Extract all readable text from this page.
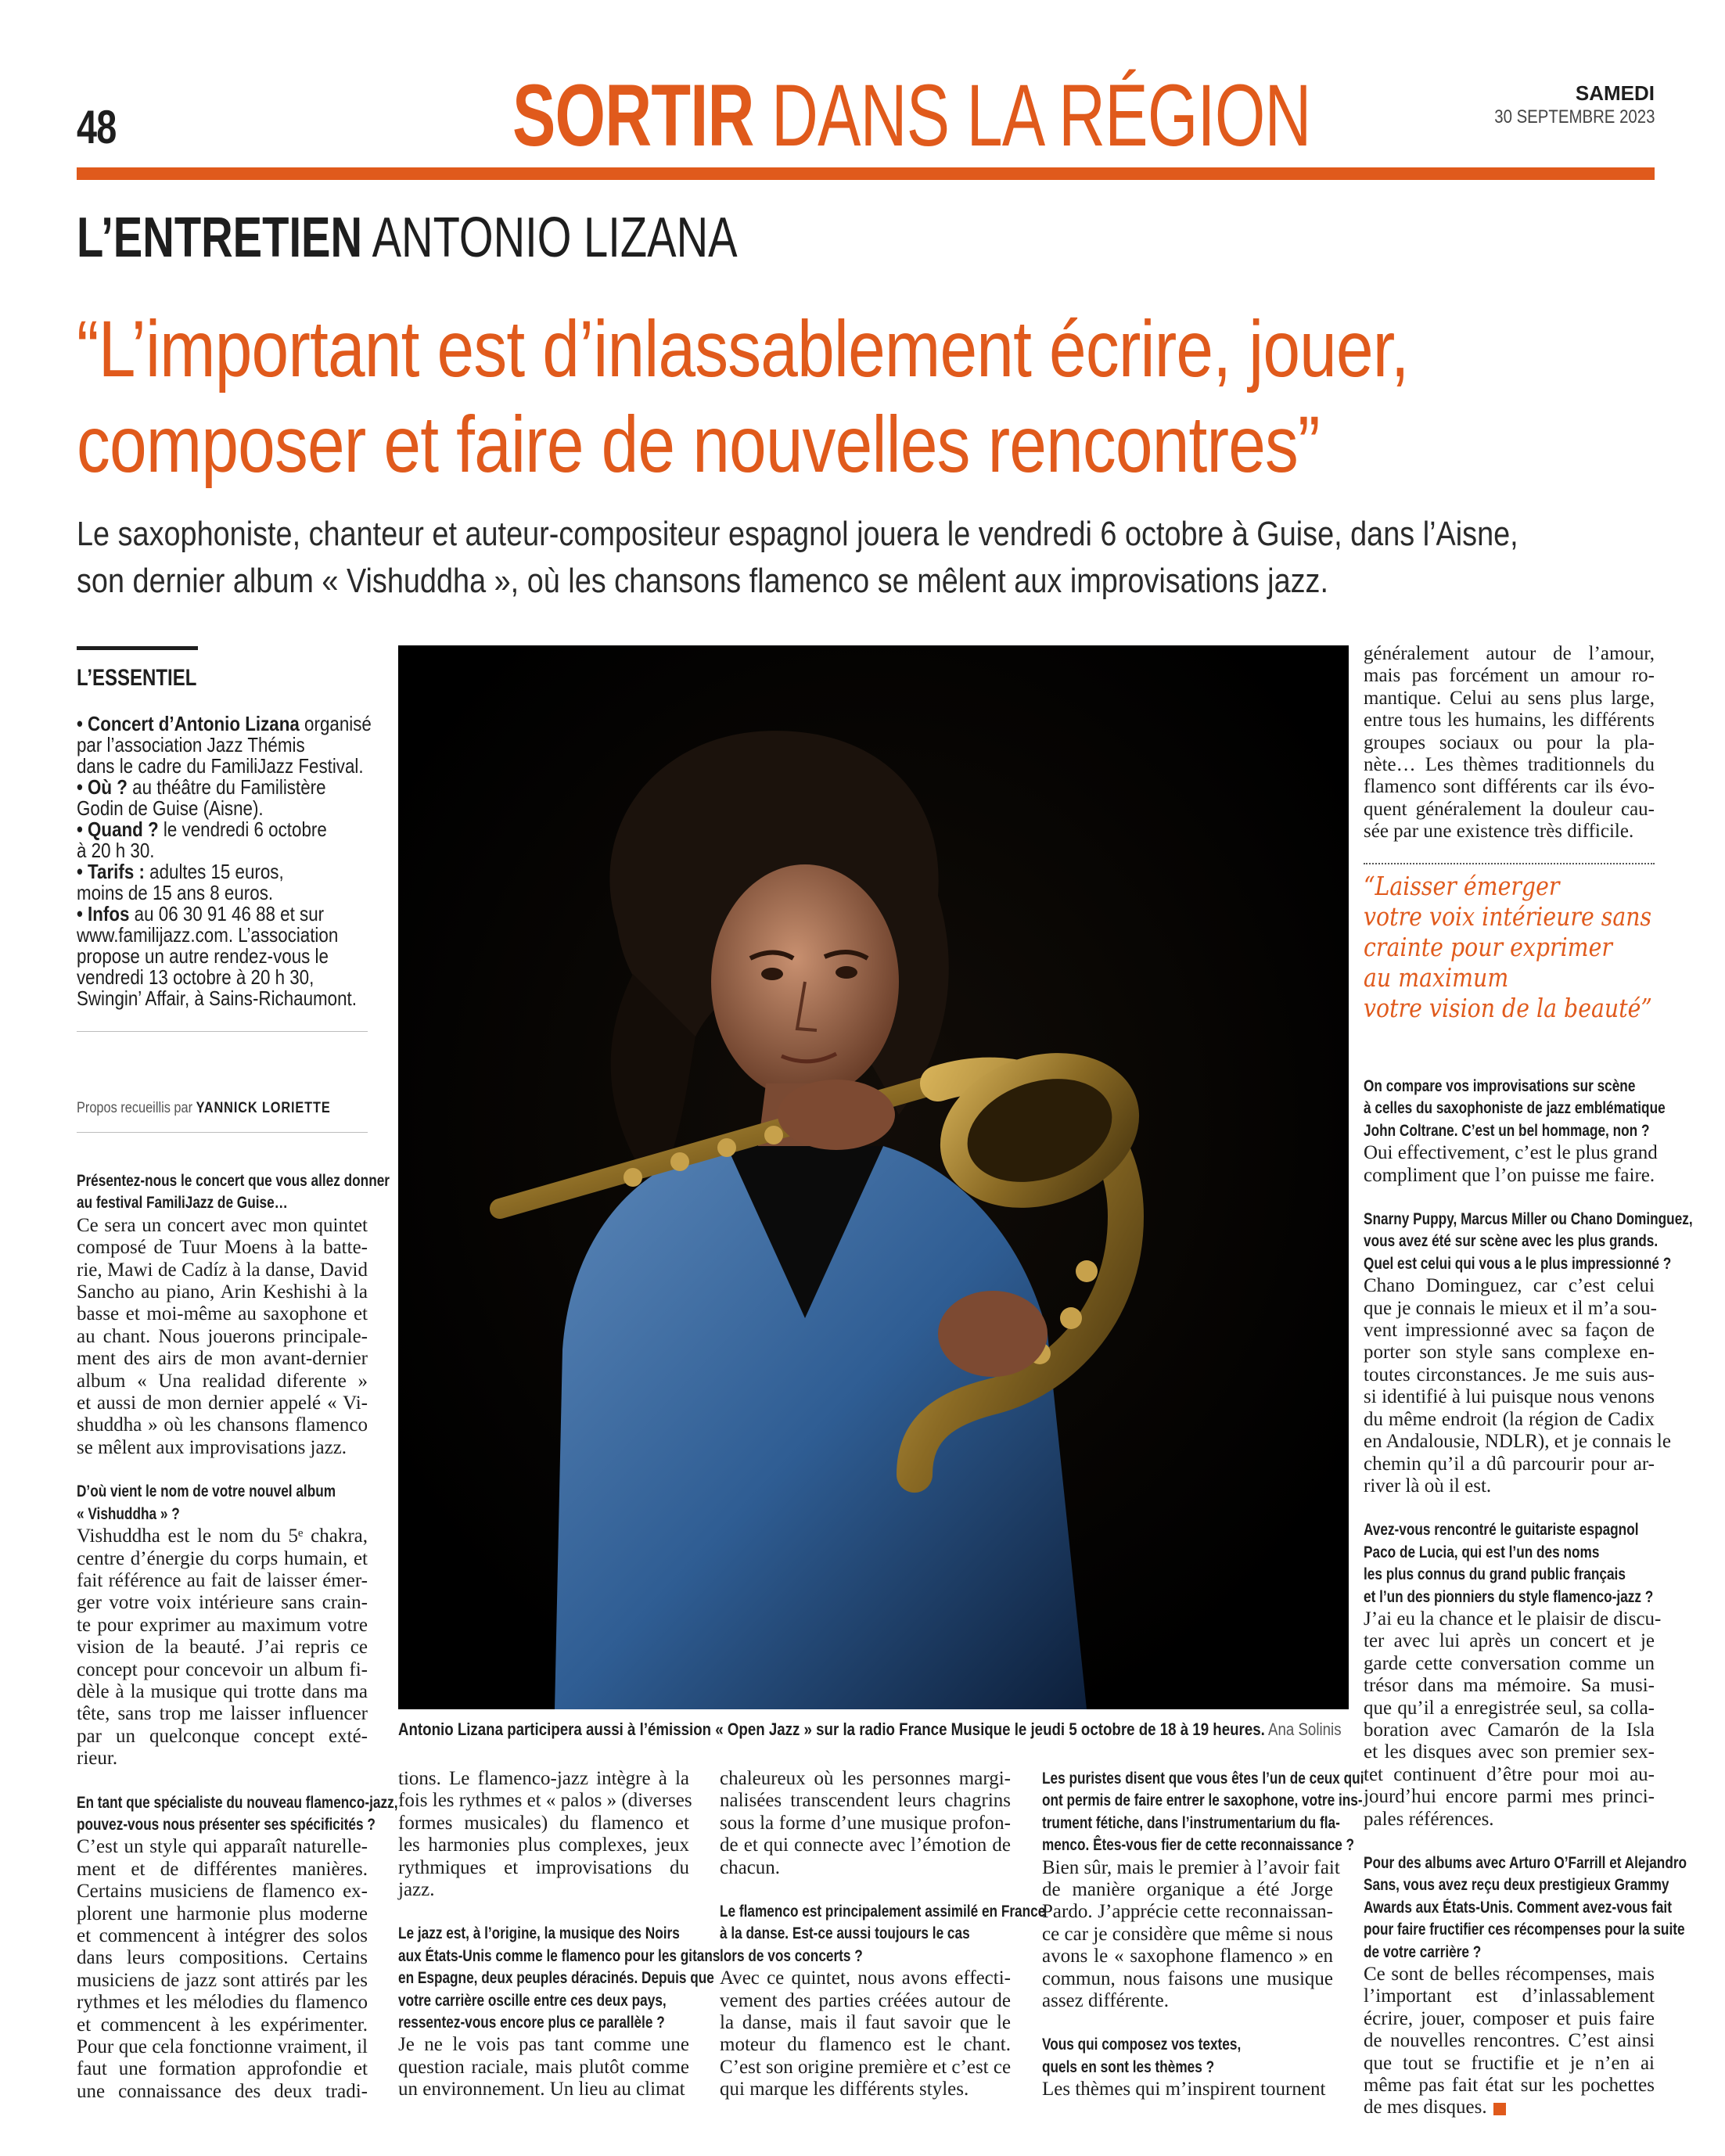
48	SORTIR DANS LA RÉGION	SAMEDI
30 SEPTEMBRE 2023
L’ENTRETIEN ANTONIO LIZANA
“L’important est d’inlassablement écrire, jouer,
composer et faire de nouvelles rencontres”
Le saxophoniste, chanteur et auteur-compositeur espagnol jouera le vendredi 6 octobre à Guise, dans l’Aisne,
son dernier album « Vishuddha », où les chansons flamenco se mêlent aux improvisations jazz.
L’ESSENTIEL
• Concert d’Antonio Lizana organisé
par l’association Jazz Thémis
dans le cadre du FamiliJazz Festival.
• Où ? au théâtre du Familistère
Godin de Guise (Aisne).
• Quand ? le vendredi 6 octobre
à 20 h 30.
• Tarifs : adultes 15 euros,
moins de 15 ans 8 euros.
• Infos au 06 30 91 46 88 et sur
www.familijazz.com. L’association
propose un autre rendez-vous le
vendredi 13 octobre à 20 h 30,
Swingin’ Affair, à Sains-Richaumont.
Propos recueillis par YANNICK LORIETTE
Présentez-nous le concert que vous allez donner
au festival FamiliJazz de Guise…
Ce sera un concert avec mon quintet
composé de Tuur Moens à la batte-
rie, Mawi de Cadíz à la danse, David
Sancho au piano, Arin Keshishi à la
basse et moi-même au saxophone et
au chant. Nous jouerons principale-
ment des airs de mon avant-dernier
album « Una realidad diferente »
et aussi de mon dernier appelé « Vi-
shuddha » où les chansons flamenco
se mêlent aux improvisations jazz.
D’où vient le nom de votre nouvel album
« Vishuddha » ?
Vishuddha est le nom du 5ᵉ chakra,
centre d’énergie du corps humain, et
fait référence au fait de laisser émer-
ger votre voix intérieure sans crain-
te pour exprimer au maximum votre
vision de la beauté. J’ai repris ce
concept pour concevoir un album fi-
dèle à la musique qui trotte dans ma
tête, sans trop me laisser influencer
par un quelconque concept exté-
rieur.
En tant que spécialiste du nouveau flamenco-jazz,
pouvez-vous nous présenter ses spécificités ?
C’est un style qui apparaît naturelle-
ment et de différentes manières.
Certains musiciens de flamenco ex-
plorent une harmonie plus moderne
et commencent à intégrer des solos
dans leurs compositions. Certains
musiciens de jazz sont attirés par les
rythmes et les mélodies du flamenco
et commencent à les expérimenter.
Pour que cela fonctionne vraiment, il
faut une formation approfondie et
une connaissance des deux tradi-
tions. Le flamenco-jazz intègre à la
fois les rythmes et « palos » (diverses
formes musicales) du flamenco et
les harmonies plus complexes, jeux
rythmiques et improvisations du
jazz.
Le jazz est, à l’origine, la musique des Noirs
aux États-Unis comme le flamenco pour les gitans
en Espagne, deux peuples déracinés. Depuis que
votre carrière oscille entre ces deux pays,
ressentez-vous encore plus ce parallèle ?
Je ne le vois pas tant comme une
question raciale, mais plutôt comme
un environnement. Un lieu au climat
chaleureux où les personnes margi-
nalisées transcendent leurs chagrins
sous la forme d’une musique profon-
de et qui connecte avec l’émotion de
chacun.
Le flamenco est principalement assimilé en France
à la danse. Est-ce aussi toujours le cas
lors de vos concerts ?
Avec ce quintet, nous avons effecti-
vement des parties créées autour de
la danse, mais il faut savoir que le
moteur du flamenco est le chant.
C’est son origine première et c’est ce
qui marque les différents styles.
Les puristes disent que vous êtes l’un de ceux qui
ont permis de faire entrer le saxophone, votre ins-
trument fétiche, dans l’instrumentarium du fla-
menco. Êtes-vous fier de cette reconnaissance ?
Bien sûr, mais le premier à l’avoir fait
de manière organique a été Jorge
Pardo. J’apprécie cette reconnaissan-
ce car je considère que même si nous
avons le « saxophone flamenco » en
commun, nous faisons une musique
assez différente.
Vous qui composez vos textes,
quels en sont les thèmes ?
Les thèmes qui m’inspirent tournent
généralement autour de l’amour,
mais pas forcément un amour ro-
mantique. Celui au sens plus large,
entre tous les humains, les différents
groupes sociaux ou pour la pla-
nète… Les thèmes traditionnels du
flamenco sont différents car ils évo-
quent généralement la douleur cau-
sée par une existence très difficile.
On compare vos improvisations sur scène
à celles du saxophoniste de jazz emblématique
John Coltrane. C’est un bel hommage, non ?
Oui effectivement, c’est le plus grand
compliment que l’on puisse me faire.
Snarny Puppy, Marcus Miller ou Chano Dominguez,
vous avez été sur scène avec les plus grands.
Quel est celui qui vous a le plus impressionné ?
Chano Dominguez, car c’est celui
que je connais le mieux et il m’a sou-
vent impressionné avec sa façon de
porter son style sans complexe en-
toutes circonstances. Je me suis aus-
si identifié à lui puisque nous venons
du même endroit (la région de Cadix
en Andalousie, NDLR), et je connais le
chemin qu’il a dû parcourir pour ar-
river là où il est.
Avez-vous rencontré le guitariste espagnol
Paco de Lucia, qui est l’un des noms
les plus connus du grand public français
et l’un des pionniers du style flamenco-jazz ?
J’ai eu la chance et le plaisir de discu-
ter avec lui après un concert et je
garde cette conversation comme un
trésor dans ma mémoire. Sa musi-
que qu’il a enregistrée seul, sa colla-
boration avec Camarón de la Isla
et les disques avec son premier sex-
tet continuent d’être pour moi au-
jourd’hui encore parmi mes princi-
pales références.
Pour des albums avec Arturo O’Farrill et Alejandro
Sans, vous avez reçu deux prestigieux Grammy
Awards aux États-Unis. Comment avez-vous fait
pour faire fructifier ces récompenses pour la suite
de votre carrière ?
Ce sont de belles récompenses, mais
l’important est d’inlassablement
écrire, jouer, composer et puis faire
de nouvelles rencontres. C’est ainsi
que tout se fructifie et je n’en ai
même pas fait état sur les pochettes
de mes disques.
“Laisser émerger
votre voix intérieure sans
crainte pour exprimer
au maximum
votre vision de la beauté”
Antonio Lizana participera aussi à l’émission « Open Jazz » sur la radio France Musique le jeudi 5 octobre de 18 à 19 heures. Ana Solinis
